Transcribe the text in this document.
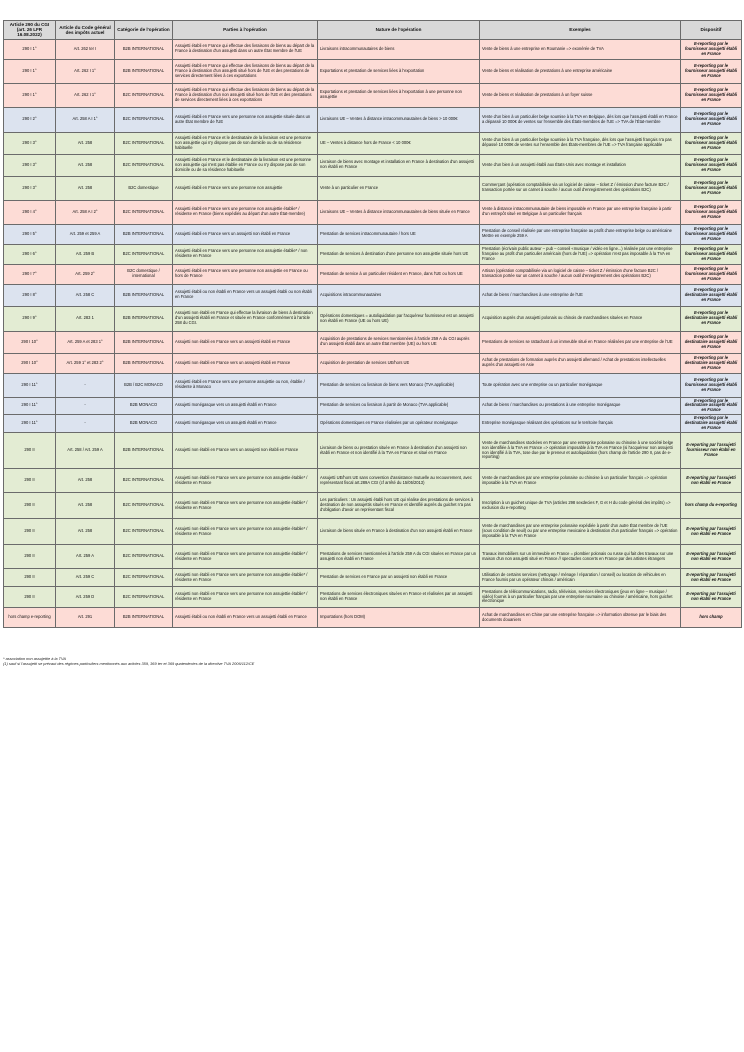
Article 290 du CGI (art. 26 LFR 16.08.2022)	Article du Code général des impôts actuel	Catégorie de l'opération	Parties à l'opération	Nature de l'opération	Exemples	Dispositif
290 I 1°	Art. 262 ter I	B2B INTERNATIONAL	Assujetti établi en France qui effectue des livraisons de biens au départ de la France à destination d'un assujetti dans un autre État membre de l'UE	Livraisons intracommunautaires de biens	Vente de biens à une entreprise en Roumanie => exonérée de TVA	E-reporting par le fournisseur assujetti établi en France
290 I 1°	Art. 262 I 1°	B2B INTERNATIONAL	Assujetti établi en France qui effectue des livraisons de biens au départ de la France à destination d'un assujetti situé hors de l'UE et des prestations de services directement liées à ces exportations	Exportations et prestation de services liées à l'exportation	Vente de biens et réalisation de prestations à une entreprise américaine	E-reporting par le fournisseur assujetti établi en France
290 I 1°	Art. 262 I 1°	B2C INTERNATIONAL	Assujetti établi en France qui effectue des livraisons de biens au départ de la France à destination d'un non assujetti situé hors de l'UE et des prestations de services directement liées à ces exportations	Exportations et prestation de services liées à l'exportation à une personne non assujettie	Vente de biens et réalisation de prestations à un foyer suisse	E-reporting par le fournisseur assujetti établi en France
290 I 2°	Art. 258 A I 1°	B2C INTERNATIONAL	Assujetti établi en France vers une personne non assujettie située dans un autre État membre de l'UE	Livraisons UE – Ventes à distance intracommunautaires de biens > 10 000€	Vente d'un bien à un particulier belge soumise à la TVA en Belgique, dès lors que l'assujetti établi en France a dépassé 10 000€ de ventes sur l'ensemble des États-membres de l'UE => TVA de l'État-membre	E-reporting par le fournisseur assujetti établi en France
290 I 3°	Art. 258	B2C INTERNATIONAL	Assujetti établi en France et le destinataire de la livraison est une personne non assujettie qui n'y dispose pas de son domicile ou de sa résidence habituelle	UE – Ventes à distance hors de France < 10 000€	Vente d'un bien à un particulier belge soumise à la TVA française, dès lors que l'assujetti français n'a pas dépassé 10 000€ de ventes sur l'ensemble des États-membres de l'UE => TVA française applicable	E-reporting par le fournisseur assujetti établi en France
290 I 3°	Art. 258	B2C INTERNATIONAL	Assujetti établi en France et le destinataire de la livraison est une personne non assujettie qui n'est pas établie en France ou n'y dispose pas de son domicile ou de sa résidence habituelle	Livraison de biens avec montage et installation en France à destination d'un assujetti non établi en France	Vente d'un bien à un assujetti établi aux États-Unis avec montage et installation	E-reporting par le fournisseur assujetti établi en France
290 I 3°	Art. 258	B2C domestique	Assujetti établi en France vers une personne non assujettie	Vente à un particulier en France	Commerçant (opération comptabilisée via un logiciel de caisse – ticket Z / émission d'une facture B2C / transaction portée sur un carnet à souche / aucun outil d'enregistrement des opérations B2C)	E-reporting par le fournisseur assujetti établi en France
290 I 4°	Art. 258 A I 2°	B2C INTERNATIONAL	Assujetti établi en France vers une personne non assujettie établie* / résidente en France (biens expédiés au départ d'un autre État-membre)	Livraisons UE – Ventes à distance intracommunautaires de biens située en France	Vente à distance intracommunautaire de biens imposable en France par une entreprise française à partir d'un entrepôt situé en Belgique à un particulier français	E-reporting par le fournisseur assujetti établi en France
290 I 5°	Art. 259 et 259 A	B2B INTERNATIONAL	Assujetti établi en France vers un assujetti non établi en France	Prestation de services intracommunautaire / hors UE	Prestation de conseil réalisée par une entreprise française au profit d'une entreprise belge ou américaine Mettre en exemple 259 A	E-reporting par le fournisseur assujetti établi en France
290 I 6°	Art. 259 B	B2C INTERNATIONAL	Assujetti établi en France vers une personne non assujettie établie* / non résidente en France	Prestation de services à destination d'une personne non assujettie située hors UE	Prestation (écrivain public auteur – pub – conseil «musique / vidéo en ligne...) réalisée par une entreprise française au profit d'un particulier américain (hors de l'UE) => opération n'est pas imposable à la TVA en France	E-reporting par le fournisseur assujetti établi en France
290 I 7°	Art. 259 2°	B2C domestique / international	Assujetti établi en France vers une personne non assujettie en France ou hors de France	Prestation de service à un particulier résident en France, dans l'UE ou hors UE	Artisan (opération comptabilisée via un logiciel de caisse – ticket Z / émission d'une facture B2C / transaction portée sur un carnet à souche / aucun outil d'enregistrement des opérations B2C)	E-reporting par le fournisseur assujetti établi en France
290 I 8°	Art. 258 C	B2B INTERNATIONAL	Assujetti établi ou non établi en France vers un assujetti établi ou non établi en France	Acquisitions intracommunautaires	Achat de biens / marchandises à une entreprise de l'UE	E-reporting par le destinataire assujetti établi en France
290 I 9°	Art. 283 1	B2B INTERNATIONAL	Assujetti non établi en France qui effectue la livraison de biens à destination d'un assujetti établi en France et située en France conformément à l'article 258 du CGI.	Opérations domestiques = autoliquidation par l'acquéreur fournisseur est un assujetti non établi en France (UE ou hors UE)	Acquisition auprès d'un assujetti polonais ou chinois de marchandises situées en France	E-reporting par le destinataire assujetti établi en France
290 I 10°	Art. 259 A et 283 1°	B2B INTERNATIONAL	Assujetti non établi en France vers un assujetti établi en France	Acquisition de prestations de services mentionnées à l'article 259 A du CGI auprès d'un assujetti établi dans un autre État membre (UE) ou hors UE	Prestations de services se rattachant à un immeuble situé en France réalisées par une entreprise de l'UE	E-reporting par le destinataire assujetti établi en France
290 I 10°	Art. 259 1° et 283 2°	B2B INTERNATIONAL	Assujetti non établi en France vers un assujetti établi en France	Acquisition de prestation de services UE/hors UE	Achat de prestations de formation auprès d'un assujetti allemand / Achat de prestations intellectuelles auprès d'un assujetti en Asie	E-reporting par le destinataire assujetti établi en France
290 I 11°	-	B2B / B2C MONACO	Assujetti établi en France vers une personne assujettie ou non, établie / résidente à Monaco	Prestation de services ou livraison de biens vers Monaco (TVA applicable)	Toute opération avec une entreprise ou un particulier monégasque	E-reporting par le fournisseur assujetti établi en France
290 I 11°	-	B2B MONACO	Assujetti monégasque vers un assujetti établi en France	Prestation de services ou livraison à partir de Monaco (TVA applicable)	Achat de biens / marchandises ou prestations à une entreprise monégasque	E-reporting par le destinataire assujetti établi en France
290 I 11°	-	B2B MONACO	Assujetti monégasque vers un assujetti établi en France	Opérations domestiques en France réalisées par un opérateur monégasque	Entreprise monégasque réalisant des opérations sur le territoire français	E-reporting par le destinataire assujetti établi en France
290 II	Art. 258 / Art. 259 A	B2B INTERNATIONAL	Assujetti non établi en France vers un assujetti non établi en France	Livraison de biens ou prestation située en France à destination d'un assujetti non établi en France et non identifié à la TVA en France et situé en France	Vente de marchandises stockées en France par une entreprise polonaise ou chinoise à une société belge non identifiée à la TVA en France => opération imposable à la TVA en France (si l'acquéreur non assujetti non identifié à la TVA, tose due par le preneur et autoliquidation (hors champ de l'article 290 II, pas de e-reporting)	E-reporting par l'assujetti fournisseur non établi en France
290 II	Art. 258	B2C INTERNATIONAL	Assujetti non établi en France vers une personne non assujettie établie* / résidente en France	Assujetti UE/hors UE sans convention d'assistance mutuelle au recouvrement, avec représentant fiscal art.289A CGI (cf arrêté du 15/05/2013)	Vente de marchandises par une entreprise polonaise ou chinoise à un particulier français => opération imposable à la TVA en France	E-reporting par l'assujetti non établi en France
290 II	Art. 258	B2C INTERNATIONAL	Assujetti non établi en France vers une personne non assujettie établie* / résidente en France	Les particuliers : Un assujetti établi hors UE qui réalise des prestations de services à destination de non assujettis situés en France et identifié auprès du guichet n'a pas d'obligation d'avoir un représentant fiscal	Inscription à un guichet unique de TVA (articles 298 sexdecies F, G et H du code général des impôts) => exclusion du e-reporting	hors champ du e-reporting
290 II	Art. 258	B2C INTERNATIONAL	Assujetti non établi en France vers une personne non assujettie établie* / résidente en France	Livraison de biens située en France à destination d'un non assujetti établi en France	Vente de marchandises par une entreprise polonaise expédiée à partir d'un autre État membre de l'UE (sous condition de seuil) ou par une entreprise mexicaine à destination d'un particulier français => opération imposable à la TVA en France	E-reporting par l'assujetti non établi en France
290 II	Art. 259 A	B2C INTERNATIONAL	Assujetti non établi en France vers une personne non assujettie établie* / résidente en France	Prestations de services mentionnées à l'article 259 A du CGI situées en France par un assujetti non établi en France	Travaux immobiliers sur un immeuble en France = plombier polonais ou russe qui fait des travaux sur une maison d'un non assujetti situé en France // spectacles concerts en France par des artistes étrangers	E-reporting par l'assujetti non établi en France
290 II	Art. 259 C	B2C INTERNATIONAL	Assujetti non établi en France vers une personne non assujettie établie* / résidente en France	Prestation de services en France par un assujetti non établi en France	Utilisation de certains services (nettoyage / ménage / réparation / conseil) ou location de véhicules en France fournis par un opérateur chinois / américain	E-reporting par l'assujetti non établi en France
290 II	Art. 259 D	B2C INTERNATIONAL	Assujetti non établi en France vers une personne non assujettie établie* / résidente en France	Prestations de services électroniques situées en France et réalisées par un assujetti non établi en France	Prestations de télécommunications, radio, télévision, services électroniques (jeux en ligne – musique / vidéo) fournis à un particulier français par une entreprise roumaine ou chinoise / américaine, hors guichet électronique	E-reporting par l'assujetti non établi en France
hors champ e-reporting	Art. 291	B2B INTERNATIONAL	Assujetti établi ou non établi en France vers un assujetti établi en France	Importations (hors DOM)	Achat de marchandises en Chine par une entreprise française => information obtenue par le biais des documents douaniers	hors champ
* association non assujettie à la TVA
(1) sauf si l'assujetti se prévaut des régimes particuliers mentionnés aux articles 359, 369 ter et 369 quaterdecies de la directive TVA 2006/112/CE
